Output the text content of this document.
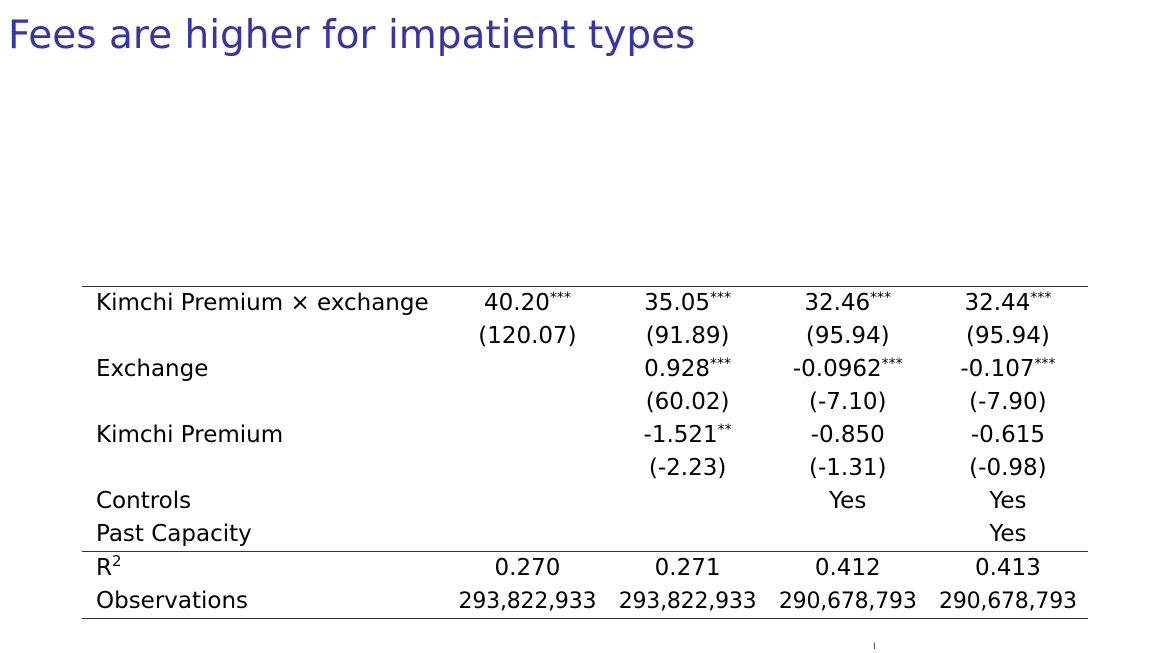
Fees are higher for impatient types
Kimchi Premium × exchange	40.20***	35.05***	32.46***	32.44***
	(120.07)	(91.89)	(95.94)	(95.94)
Exchange		0.928***	-0.0962***	-0.107***
		(60.02)	(-7.10)	(-7.90)
Kimchi Premium		-1.521**	-0.850	-0.615
		(-2.23)	(-1.31)	(-0.98)
Controls			Yes	Yes
Past Capacity				Yes
$R^2$	0.270	0.271	0.412	0.413
Observations	293,822,933	293,822,933	290,678,793	290,678,793
I
